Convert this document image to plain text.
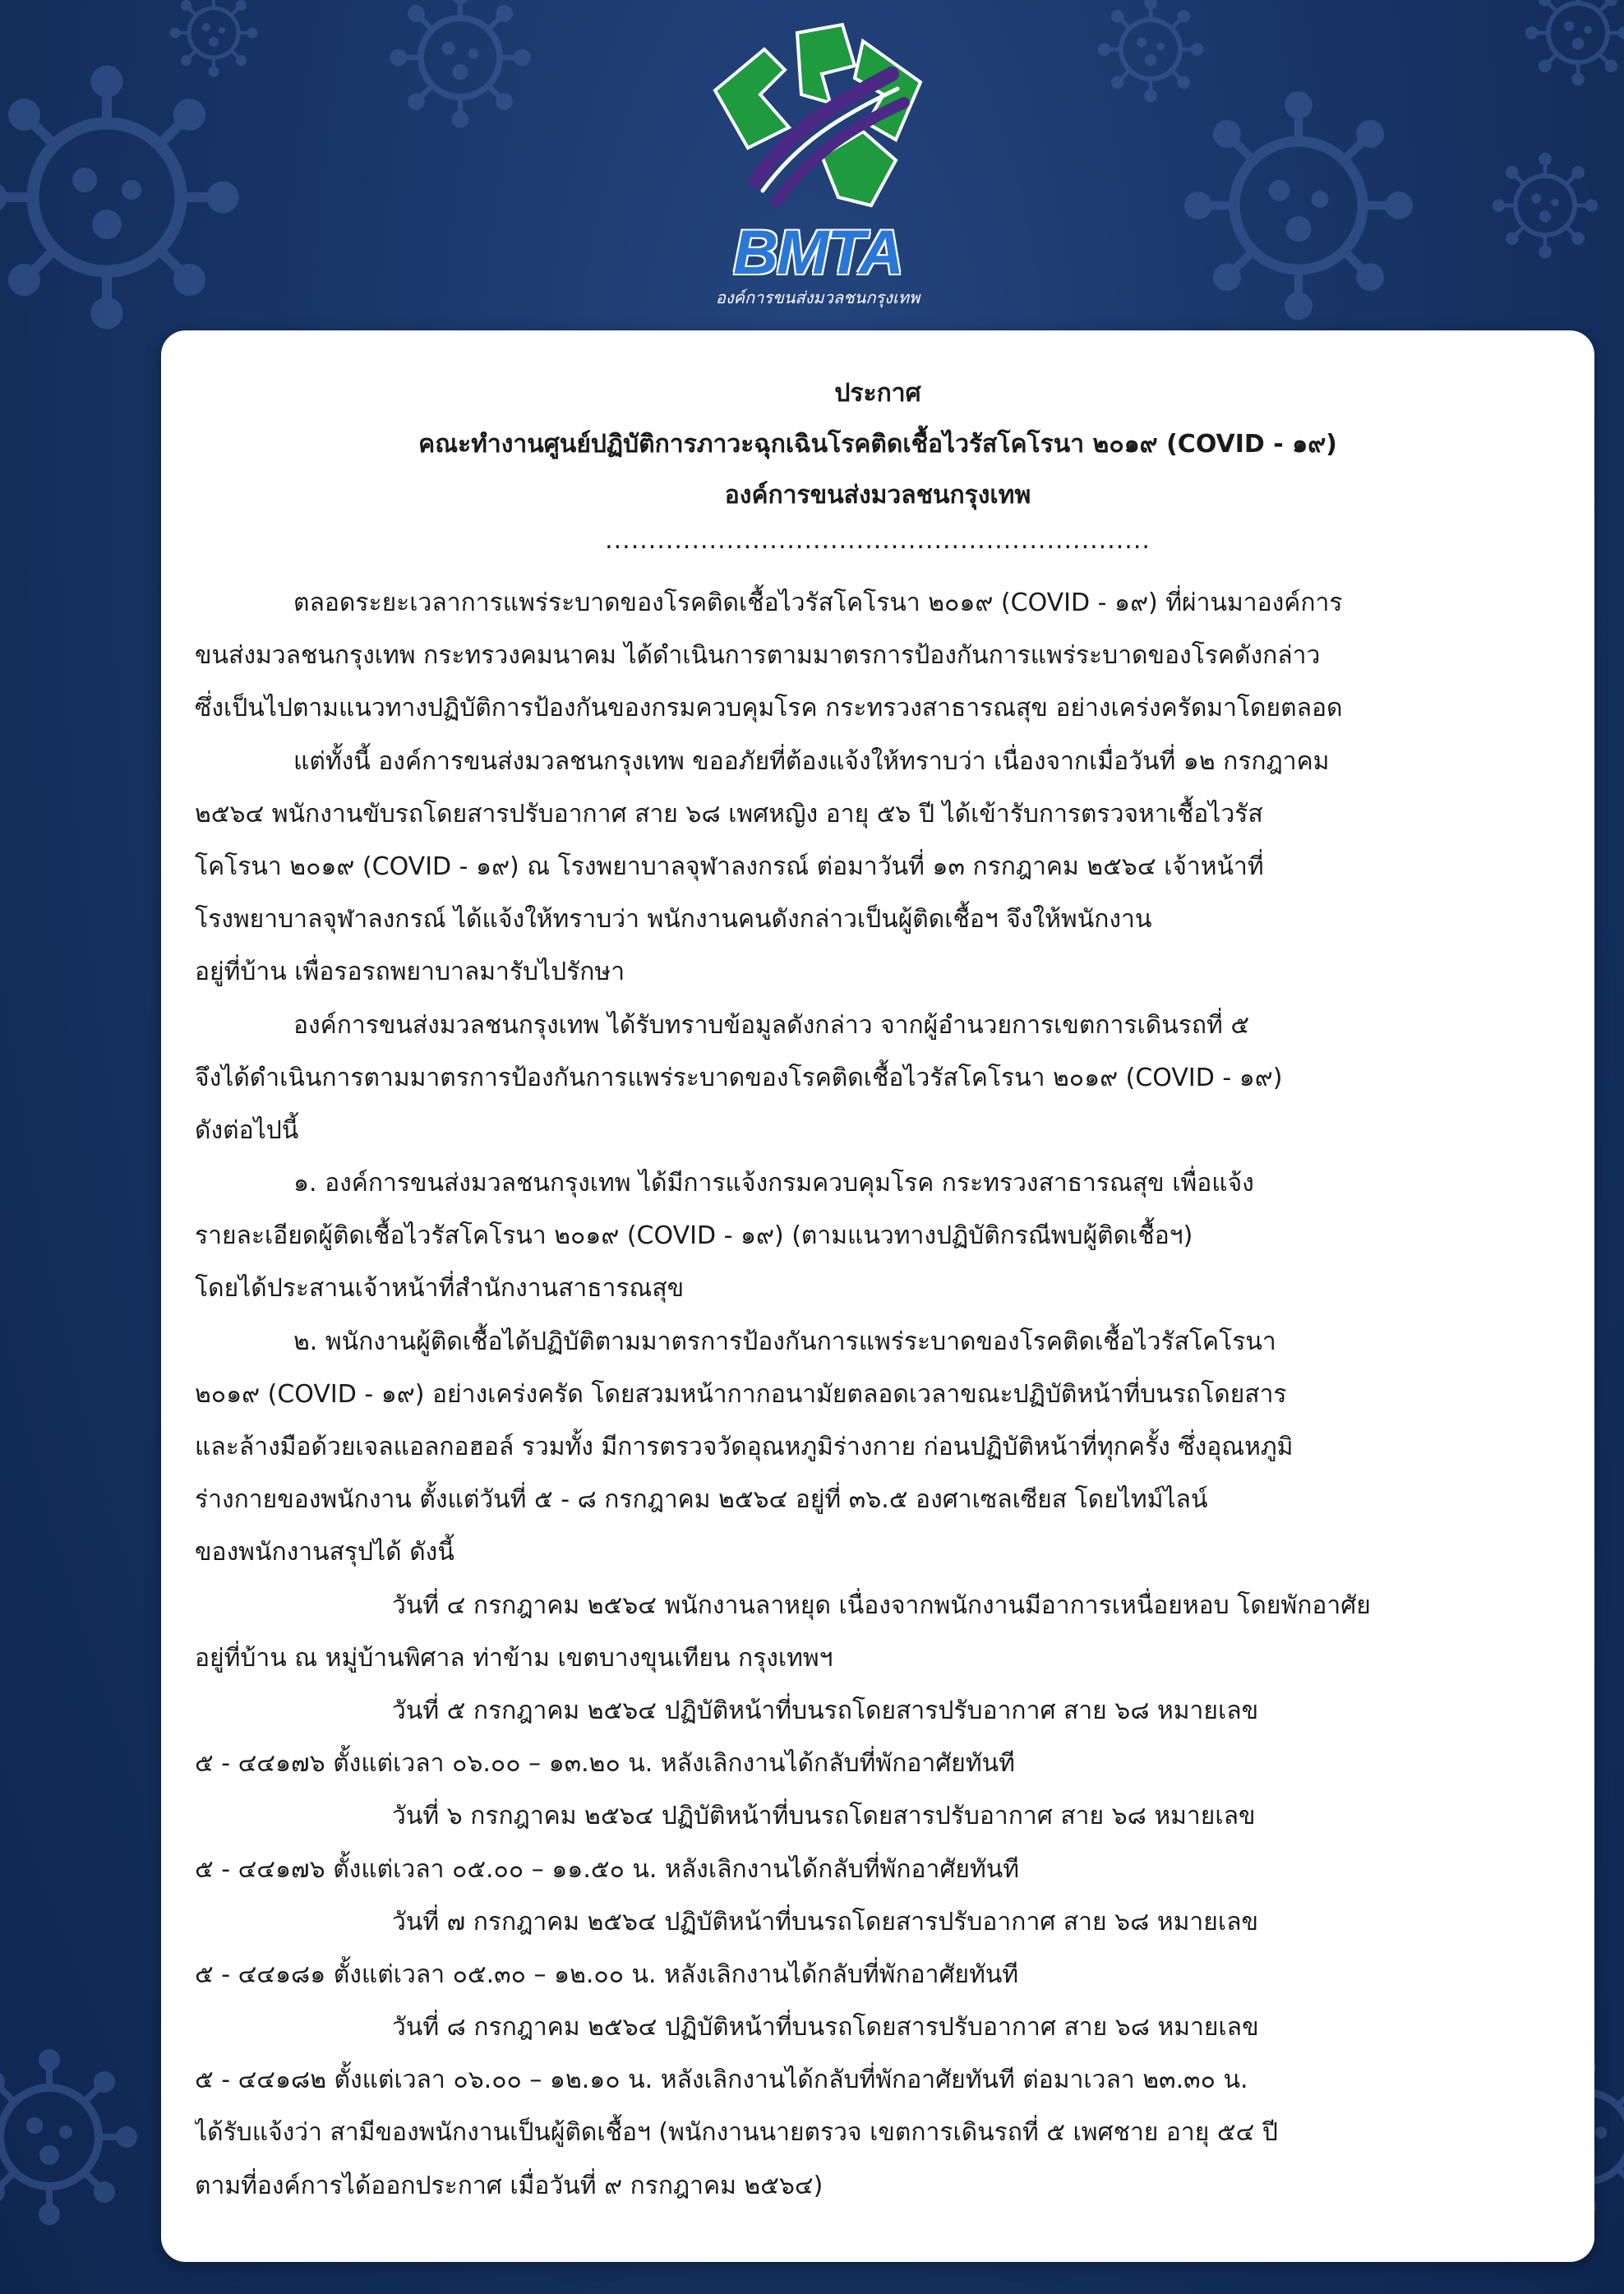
BMTA
องค์การขนส่งมวลชนกรุงเทพ
ประกาศ
คณะทำงานศูนย์ปฏิบัติการภาวะฉุกเฉินโรคติดเชื้อไวรัสโคโรนา ๒๐๑๙ (COVID - ๑๙)
องค์การขนส่งมวลชนกรุงเทพ
...............................................................
ตลอดระยะเวลาการแพร่ระบาดของโรคติดเชื้อไวรัสโคโรนา ๒๐๑๙ (COVID - ๑๙) ที่ผ่านมาองค์การ
ขนส่งมวลชนกรุงเทพ กระทรวงคมนาคม ได้ดำเนินการตามมาตรการป้องกันการแพร่ระบาดของโรคดังกล่าว
ซึ่งเป็นไปตามแนวทางปฏิบัติการป้องกันของกรมควบคุมโรค กระทรวงสาธารณสุข อย่างเคร่งครัดมาโดยตลอด
แต่ทั้งนี้ องค์การขนส่งมวลชนกรุงเทพ ขออภัยที่ต้องแจ้งให้ทราบว่า เนื่องจากเมื่อวันที่ ๑๒ กรกฎาคม
๒๕๖๔ พนักงานขับรถโดยสารปรับอากาศ สาย ๖๘ เพศหญิง อายุ ๕๖ ปี ได้เข้ารับการตรวจหาเชื้อไวรัส
โคโรนา ๒๐๑๙ (COVID - ๑๙) ณ โรงพยาบาลจุฬาลงกรณ์ ต่อมาวันที่ ๑๓ กรกฎาคม ๒๕๖๔ เจ้าหน้าที่
โรงพยาบาลจุฬาลงกรณ์ ได้แจ้งให้ทราบว่า พนักงานคนดังกล่าวเป็นผู้ติดเชื้อฯ จึงให้พนักงาน
อยู่ที่บ้าน เพื่อรอรถพยาบาลมารับไปรักษา
องค์การขนส่งมวลชนกรุงเทพ ได้รับทราบข้อมูลดังกล่าว จากผู้อำนวยการเขตการเดินรถที่ ๕
จึงได้ดำเนินการตามมาตรการป้องกันการแพร่ระบาดของโรคติดเชื้อไวรัสโคโรนา ๒๐๑๙ (COVID - ๑๙)
ดังต่อไปนี้
๑. องค์การขนส่งมวลชนกรุงเทพ ได้มีการแจ้งกรมควบคุมโรค กระทรวงสาธารณสุข เพื่อแจ้ง
รายละเอียดผู้ติดเชื้อไวรัสโคโรนา ๒๐๑๙ (COVID - ๑๙) (ตามแนวทางปฏิบัติกรณีพบผู้ติดเชื้อฯ)
โดยได้ประสานเจ้าหน้าที่สำนักงานสาธารณสุข
๒. พนักงานผู้ติดเชื้อได้ปฏิบัติตามมาตรการป้องกันการแพร่ระบาดของโรคติดเชื้อไวรัสโคโรนา
๒๐๑๙ (COVID - ๑๙) อย่างเคร่งครัด โดยสวมหน้ากากอนามัยตลอดเวลาขณะปฏิบัติหน้าที่บนรถโดยสาร
และล้างมือด้วยเจลแอลกอฮอล์ รวมทั้ง มีการตรวจวัดอุณหภูมิร่างกาย ก่อนปฏิบัติหน้าที่ทุกครั้ง ซึ่งอุณหภูมิ
ร่างกายของพนักงาน ตั้งแต่วันที่ ๕ - ๘ กรกฎาคม ๒๕๖๔ อยู่ที่ ๓๖.๕ องศาเซลเซียส โดยไทม์ไลน์
ของพนักงานสรุปได้ ดังนี้
วันที่ ๔ กรกฎาคม ๒๕๖๔ พนักงานลาหยุด เนื่องจากพนักงานมีอาการเหนื่อยหอบ โดยพักอาศัย
อยู่ที่บ้าน ณ หมู่บ้านพิศาล ท่าข้าม เขตบางขุนเทียน กรุงเทพฯ
วันที่ ๕ กรกฎาคม ๒๕๖๔ ปฏิบัติหน้าที่บนรถโดยสารปรับอากาศ สาย ๖๘ หมายเลข
๕ - ๔๔๑๗๖ ตั้งแต่เวลา ๐๖.๐๐ – ๑๓.๒๐ น. หลังเลิกงานได้กลับที่พักอาศัยทันที
วันที่ ๖ กรกฎาคม ๒๕๖๔ ปฏิบัติหน้าที่บนรถโดยสารปรับอากาศ สาย ๖๘ หมายเลข
๕ - ๔๔๑๗๖ ตั้งแต่เวลา ๐๕.๐๐ – ๑๑.๕๐ น. หลังเลิกงานได้กลับที่พักอาศัยทันที
วันที่ ๗ กรกฎาคม ๒๕๖๔ ปฏิบัติหน้าที่บนรถโดยสารปรับอากาศ สาย ๖๘ หมายเลข
๕ - ๔๔๑๘๑ ตั้งแต่เวลา ๐๕.๓๐ – ๑๒.๐๐ น. หลังเลิกงานได้กลับที่พักอาศัยทันที
วันที่ ๘ กรกฎาคม ๒๕๖๔ ปฏิบัติหน้าที่บนรถโดยสารปรับอากาศ สาย ๖๘ หมายเลข
๕ - ๔๔๑๘๒ ตั้งแต่เวลา ๐๖.๐๐ – ๑๒.๑๐ น. หลังเลิกงานได้กลับที่พักอาศัยทันที ต่อมาเวลา ๒๓.๓๐ น.
ได้รับแจ้งว่า สามีของพนักงานเป็นผู้ติดเชื้อฯ (พนักงานนายตรวจ เขตการเดินรถที่ ๕ เพศชาย อายุ ๕๔ ปี
ตามที่องค์การได้ออกประกาศ เมื่อวันที่ ๙ กรกฎาคม ๒๕๖๔)
